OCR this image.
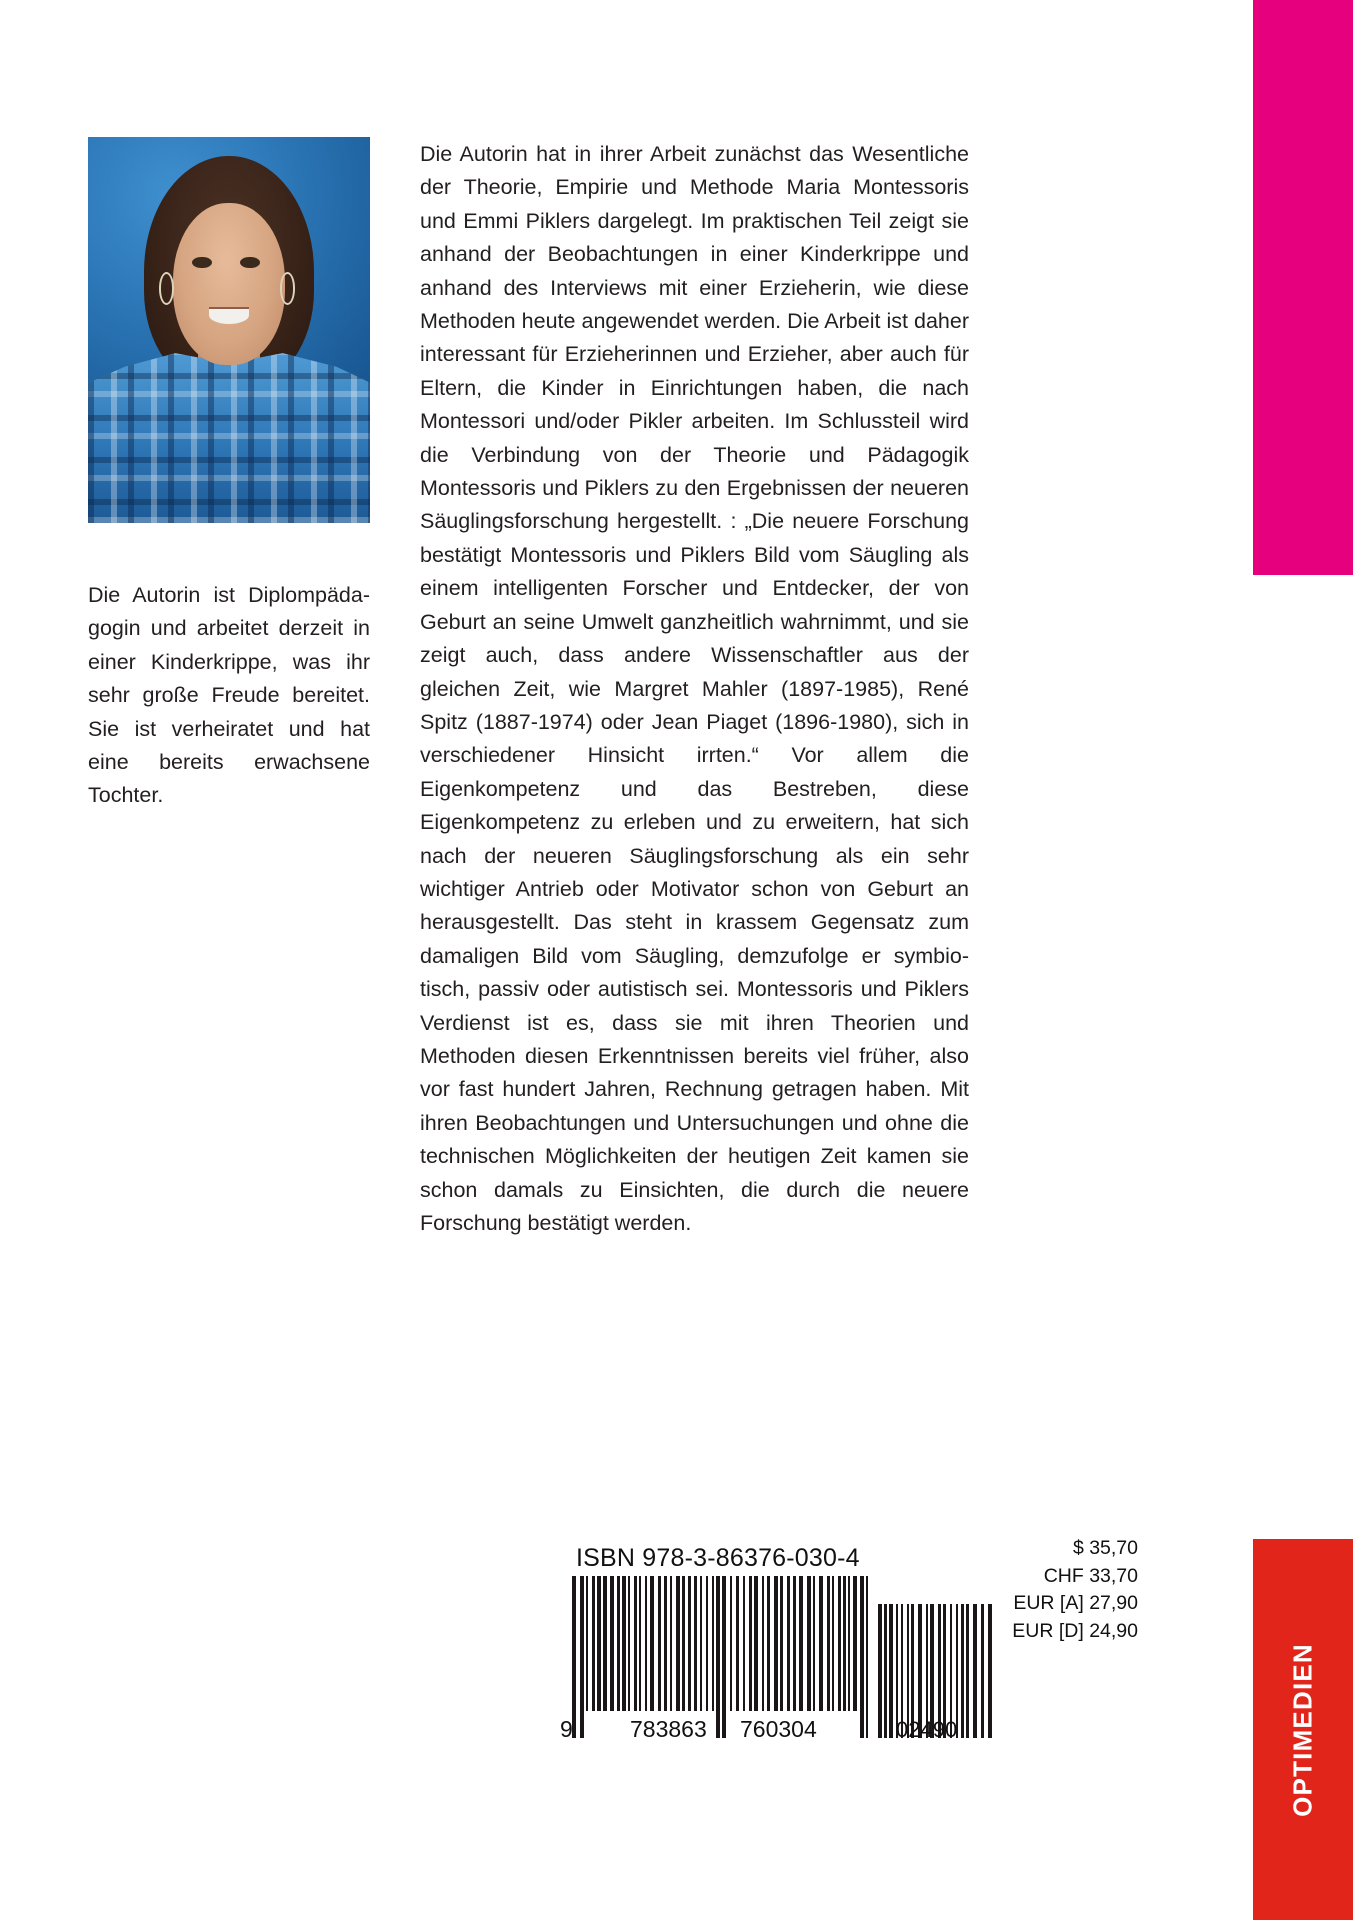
OPTIMEDIEN
Die Autorin ist Diplompädagogin und arbeitet derzeit in einer Kinderkrippe, was ihr sehr große Freude bereitet. Sie ist verheiratet und hat eine bereits erwachsene Tochter.
Die Autorin hat in ihrer Arbeit zunächst das Wesentliche der Theorie, Empirie und Methode Maria Montessoris und Emmi Piklers dargelegt. Im praktischen Teil zeigt sie anhand der Beobachtungen in einer Kinderkrippe und anhand des Interviews mit einer Erzieherin, wie diese Methoden heute angewendet werden. Die Arbeit ist daher interessant für Erzieherinnen und Erzieher, aber auch für Eltern, die Kinder in Einrichtungen haben, die nach Montessori und/oder Pikler arbeiten. Im Schlussteil wird die Verbindung von der Theorie und Pädagogik Montessoris und Piklers zu den Ergebnissen der neueren Säuglingsforschung hergestellt. : „Die neuere Forschung bestätigt Montessoris und Piklers Bild vom Säugling als einem intelligenten Forscher und Entdecker, der von Geburt an seine Umwelt ganzheitlich wahrnimmt, und sie zeigt auch, dass andere Wissenschaftler aus der gleichen Zeit, wie Margret Mahler (1897-1985), René Spitz (1887-1974) oder Jean Piaget (1896-1980), sich in verschiedener Hinsicht irrten.“ Vor allem die Eigenkompetenz und das Bestreben, diese Eigenkompetenz zu erleben und zu erweitern, hat sich nach der neueren Säuglingsforschung als ein sehr wichtiger Antrieb oder Motivator schon von Geburt an herausgestellt. Das steht in krassem Gegensatz zum damaligen Bild vom Säugling, demzufolge er symbiotisch, passiv oder autistisch sei. Montessoris und Piklers Verdienst ist es, dass sie mit ihren Theorien und Methoden diesen Erkenntnissen bereits viel früher, also vor fast hundert Jahren, Rechnung getragen haben. Mit ihren Beobachtungen und Untersuchungen und ohne die technischen Möglichkeiten der heutigen Zeit kamen sie schon damals zu Einsichten, die durch die neuere Forschung bestätigt werden.
ISBN 978-3-86376-030-4	$ 35,70
CHF 33,70
EUR [A] 27,90
EUR [D] 24,90
9 783863 760304	02490
